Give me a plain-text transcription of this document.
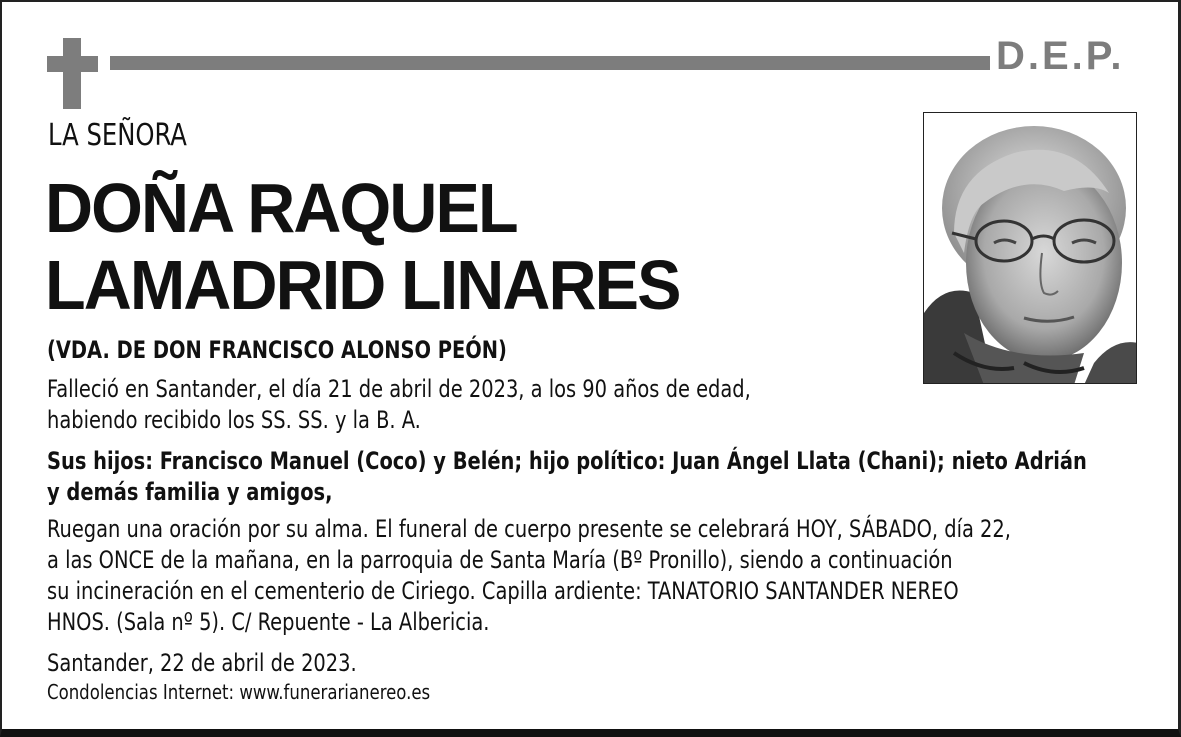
D.E.P.
LA SEÑORA
DOÑA RAQUEL
LAMADRID LINARES
(VDA. DE DON FRANCISCO ALONSO PEÓN)
Falleció en Santander, el día 21 de abril de 2023, a los 90 años de edad,
habiendo recibido los SS. SS. y la B. A.
Sus hijos: Francisco Manuel (Coco) y Belén; hijo político: Juan Ángel Llata (Chani); nieto Adrián
y demás familia y amigos,
Ruegan una oración por su alma. El funeral de cuerpo presente se celebrará HOY, SÁBADO, día 22,
a las ONCE de la mañana, en la parroquia de Santa María (Bº Pronillo), siendo a continuación
su incineración en el cementerio de Ciriego. Capilla ardiente: TANATORIO SANTANDER NEREO
HNOS. (Sala nº 5). C/ Repuente - La Albericia.
Santander, 22 de abril de 2023.
Condolencias Internet: www.funerarianereo.es
